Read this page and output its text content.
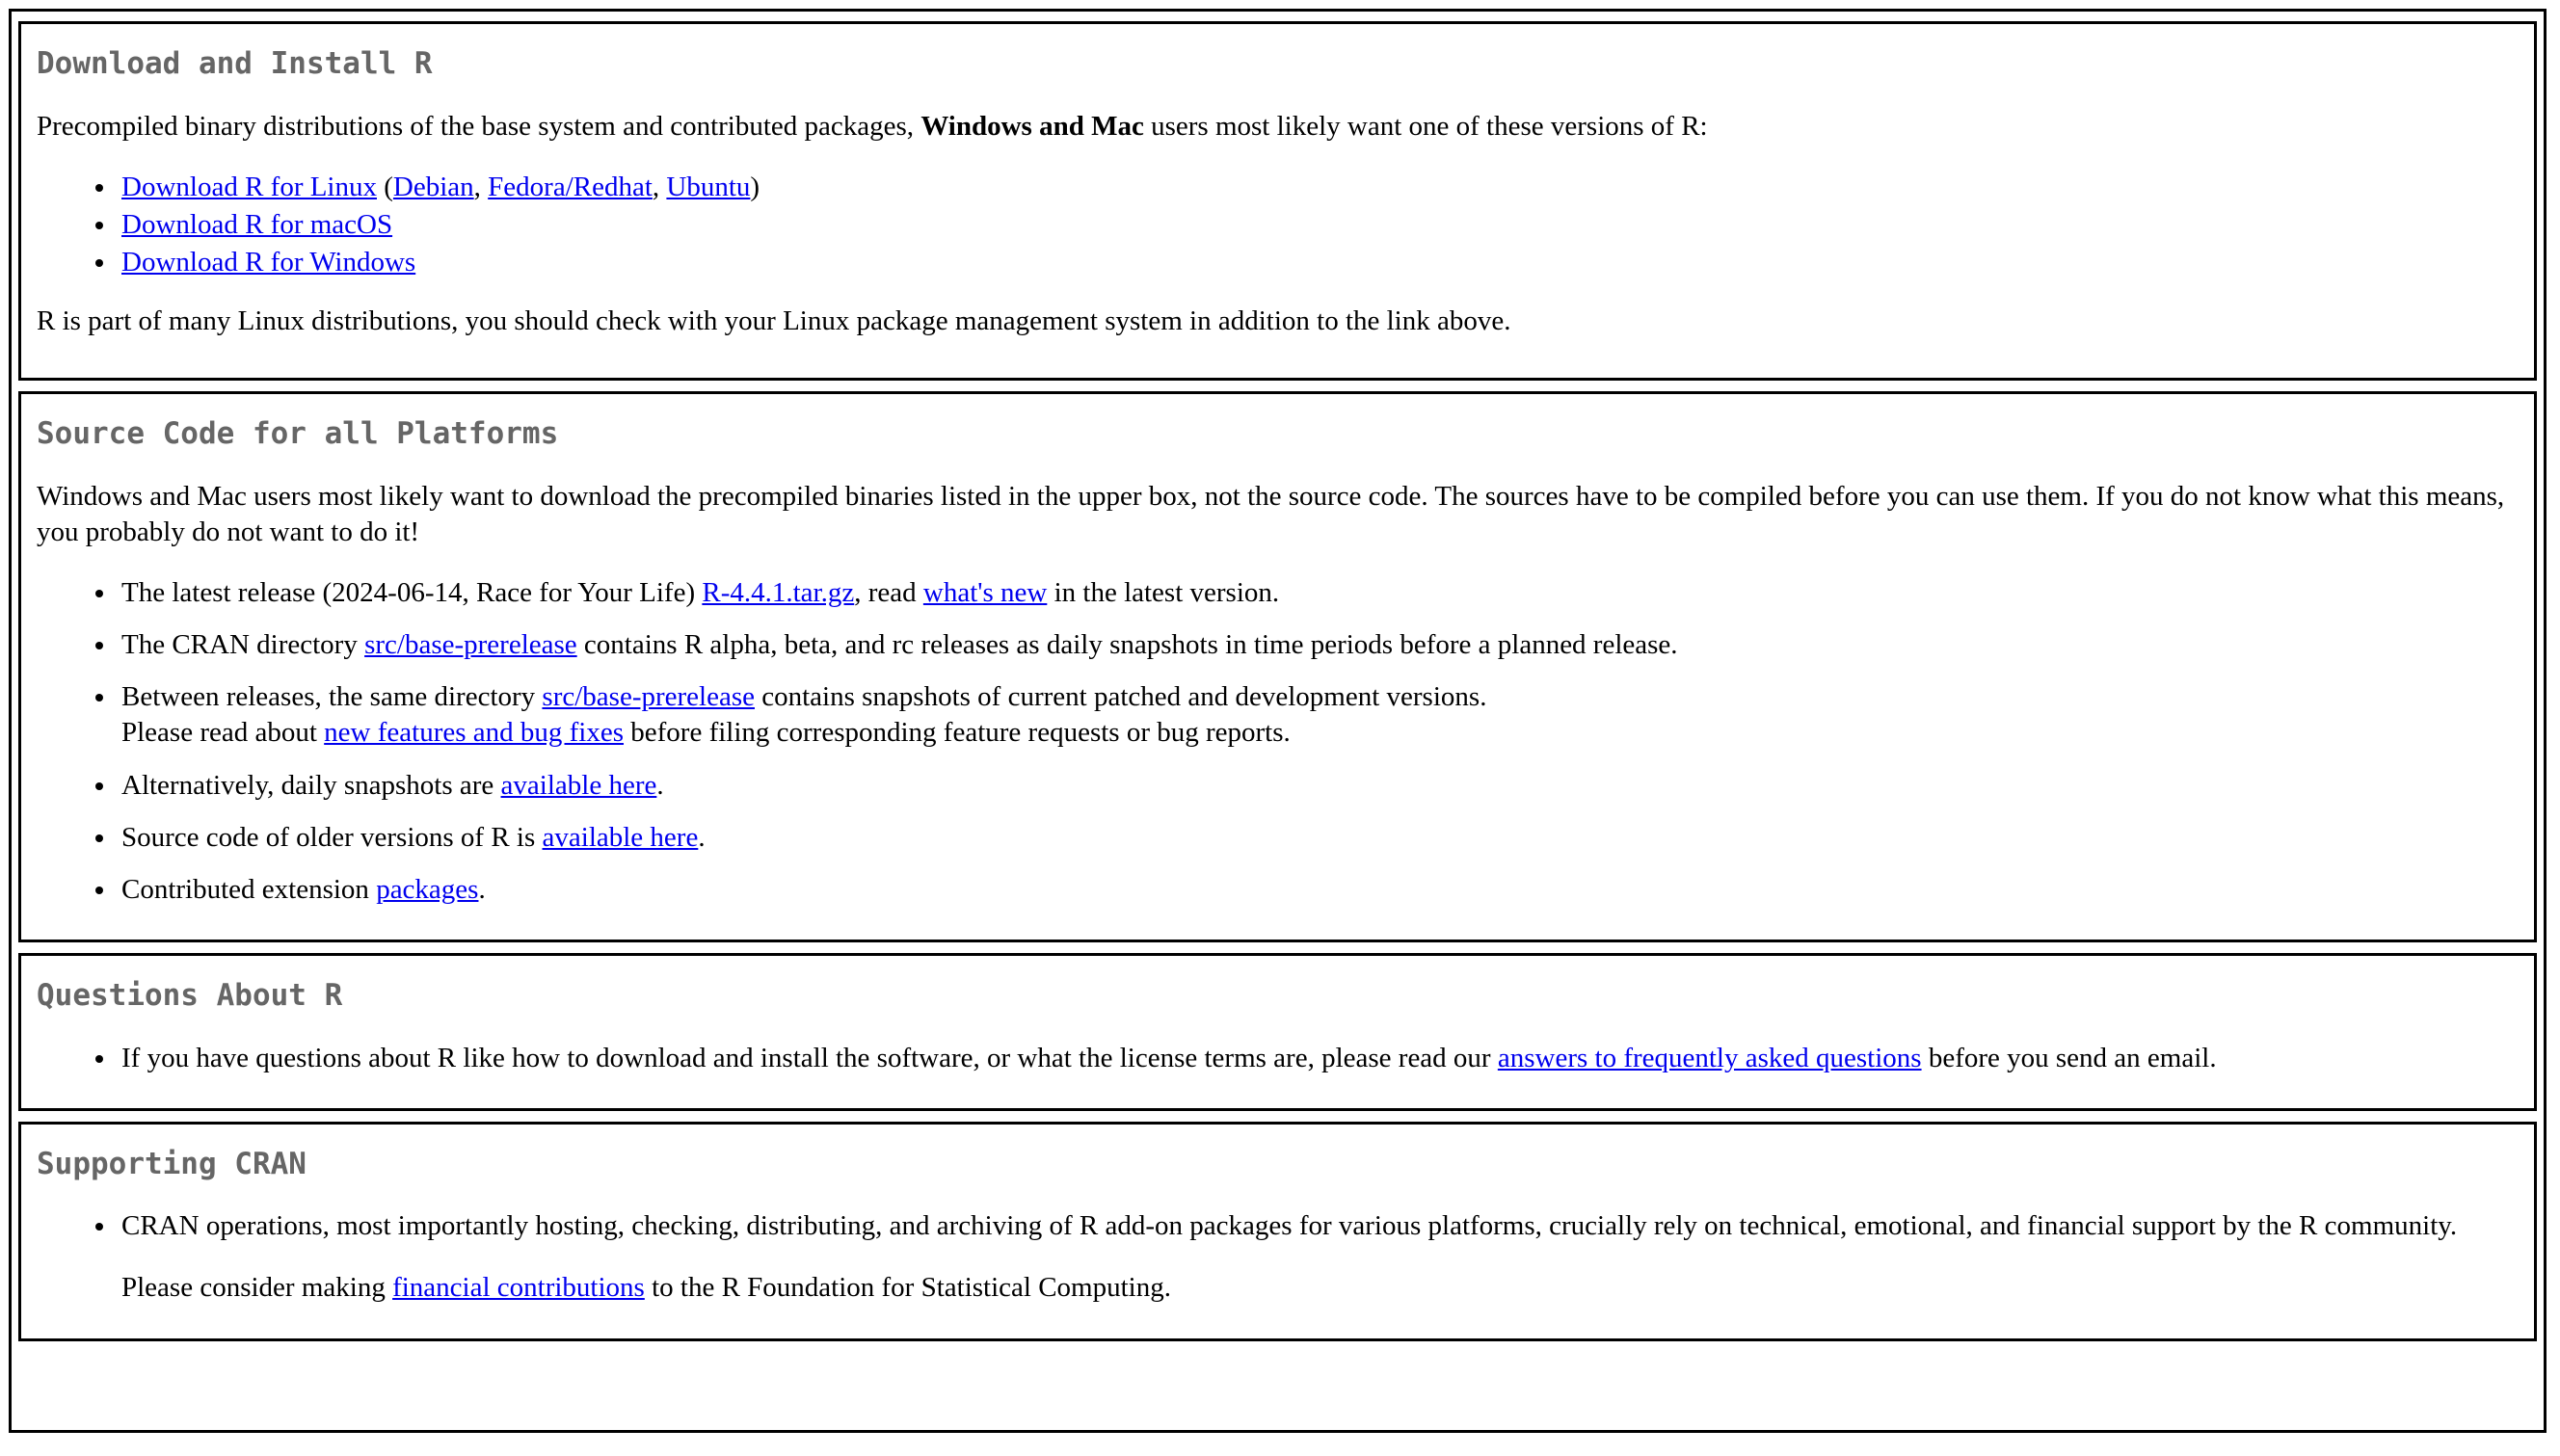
Download and Install R

Precompiled binary distributions of the base system and contributed packages, Windows and Mac users most likely want one of these versions of R:

• Download R for Linux (Debian, Fedora/Redhat, Ubuntu)

• Download R for macOS

• Download R for Windows

R is part of many Linux distributions, you should check with your Linux package management system in addition to the link above.

Source Code for all Platforms

Windows and Mac users most likely want to download the precompiled binaries listed in the upper box, not the source code. The sources have to be compiled before you can use them. If you do not know what this means, you probably do not want to do it!

• The latest release (2024-06-14, Race for Your Life) R-4.4.1.tar.gz, read what's new in the latest version.

• The CRAN directory src/base-prerelease contains R alpha, beta, and rc releases as daily snapshots in time periods before a planned release.

• Between releases, the same directory src/base-prerelease contains snapshots of current patched and development versions.
Please read about new features and bug fixes before filing corresponding feature requests or bug reports.

• Alternatively, daily snapshots are available here.

• Source code of older versions of R is available here.

• Contributed extension packages.

Questions About R

• If you have questions about R like how to download and install the software, or what the license terms are, please read our answers to frequently asked questions before you send an email.

Supporting CRAN

• CRAN operations, most importantly hosting, checking, distributing, and archiving of R add-on packages for various platforms, crucially rely on technical, emotional, and financial support by the R community.

Please consider making financial contributions to the R Foundation for Statistical Computing.
